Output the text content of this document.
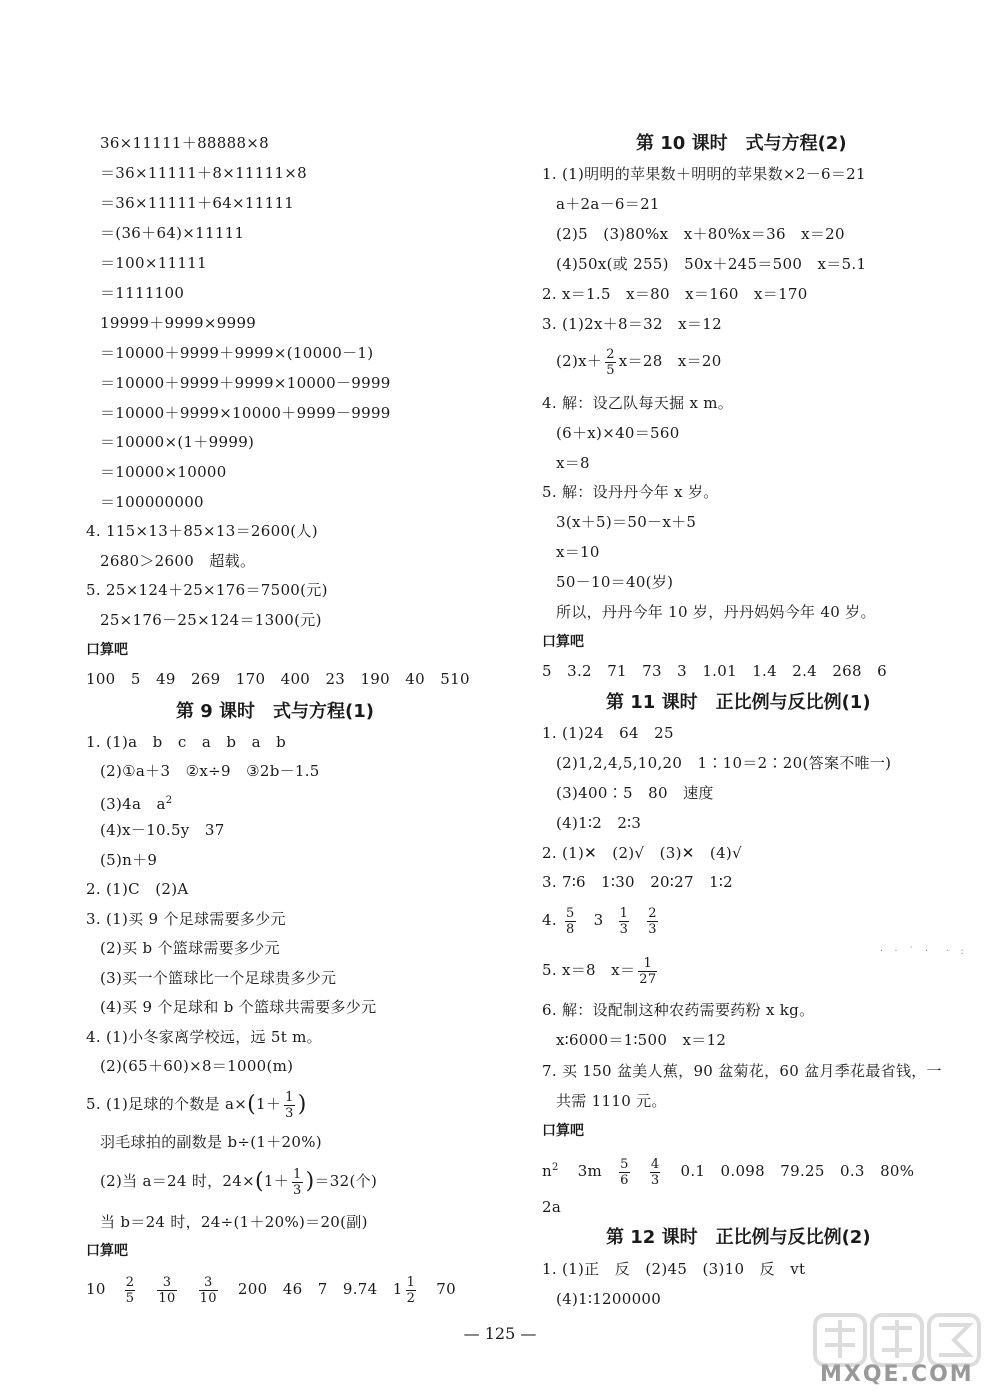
36×11111＋88888×8
＝36×11111＋8×11111×8
＝36×11111＋64×11111
＝(36＋64)×11111
＝100×11111
＝1111100
19999＋9999×9999
＝10000＋9999＋9999×(10000－1)
＝10000＋9999＋9999×10000－9999
＝10000＋9999×10000＋9999－9999
＝10000×(1＋9999)
＝10000×10000
＝100000000
4. 115×13＋85×13＝2600(人)
2680＞2600　超载。
5. 25×124＋25×176＝7500(元)
25×176－25×124＝1300(元)
口算吧
100　5　49　269　170　400　23　190　40　510
第 9 课时　式与方程(1)
1. (1)a　b　c　a　b　a　b
(2)①a＋3　②x÷9　③2b－1.5
(3)4a　$a^2$
(4)x－10.5y　37
(5)n＋9
2. (1)C　(2)A
3. (1)买 9 个足球需要多少元
(2)买 b 个篮球需要多少元
(3)买一个篮球比一个足球贵多少元
(4)买 9 个足球和 b 个篮球共需要多少元
4. (1)小冬家离学校远，远 5t m。
(2)(65＋60)×8＝1000(m)
5. (1)足球的个数是 $a\times(1+ \frac{1}{3}$ )
羽毛球拍的副数是 b÷(1＋20%)
(2)当 a＝24 时，$24\times(1+ \frac{1}{3} )=32$(个)
当 b＝24 时，24÷(1＋20%)＝20(副)
口算吧
$10 \frac{2}{5}$
$\frac{3}{10}$
$\frac{3}{10} 200$　46　7　9.74　$1 \frac{1}{2} 70$
第 10 课时　式与方程(2)
1. (1)明明的苹果数＋明明的苹果数×2－6＝21
a＋2a－6＝21
(2)5　(3)80%x　x＋80%x＝36　x＝20
(4)50x(或 255)　50x＋245＝500　x＝5.1
2. x＝1.5　x＝80　x＝160　x＝170
3. (1)2x＋8＝32　x＝12
$(2)x+ \frac{2}{5} x=28$　x＝20
4. 解：设乙队每天掘 x m。
(6＋x)×40＝560
x＝8
5. 解：设丹丹今年 x 岁。
3(x＋5)＝50－x＋5
x＝10
50－10＝40(岁)
所以，丹丹今年 10 岁，丹丹妈妈今年 40 岁。
口算吧
5　3.2　71　73　3　1.01　1.4　2.4　268　6
第 11 课时　正比例与反比例(1)
1. (1)24　64　25
(2)1,2,4,5,10,20　1∶10＝2∶20(答案不唯一)
(3)400∶5　80　速度
(4)1∶2　2∶3
2. (1)✕　(2)√　(3)✕　(4)√
3. 7∶6　1∶30　20∶27　1∶2
4. $\frac{5}{8} 3 \frac{1}{3}$
$\frac{2}{3}$
5. x＝8　$x= \frac{1}{27}$
6. 解：设配制这种农药需要药粉 x kg。
x∶6000＝1∶500　x＝12
7. 买 150 盆美人蕉，90 盆菊花，60 盆月季花最省钱，一
共需 1110 元。
口算吧
$n^2$ $3m \frac{5}{6}$
$\frac{4}{3} 0.1$　0.098　79.25　0.3　80%
2a
第 12 课时　正比例与反比例(2)
1. (1)正　反　(2)45　(3)10　反　vt
(4)1∶1200000
· · ˙ ·　· :
— 125 —
MXQE.COM
